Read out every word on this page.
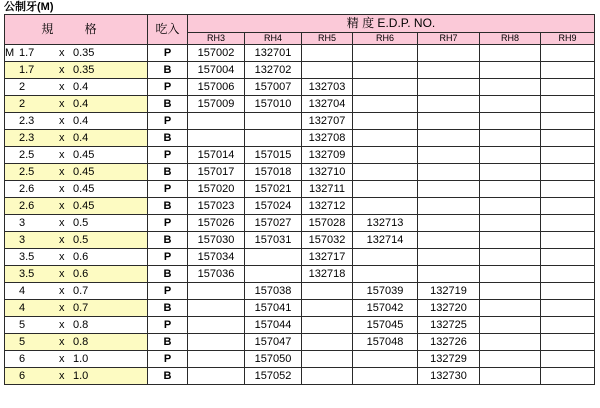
公制牙(M)
規 格	吃入	精 度 E.D.P. NO.						
		RH3	RH4	RH5	RH6	RH7	RH8	RH9
M 1.7 x 0.35	P	157002	132701					
1.7 x 0.35	B	157004	132702					
2 x 0.4	P	157006	157007	132703				
2 x 0.4	B	157009	157010	132704				
2.3 x 0.4	P			132707				
2.3 x 0.4	B			132708				
2.5 x 0.45	P	157014	157015	132709				
2.5 x 0.45	B	157017	157018	132710				
2.6 x 0.45	P	157020	157021	132711				
2.6 x 0.45	B	157023	157024	132712				
3 x 0.5	P	157026	157027	157028	132713			
3 x 0.5	B	157030	157031	157032	132714			
3.5 x 0.6	P	157034		132717				
3.5 x 0.6	B	157036		132718				
4 x 0.7	P		157038		157039	132719		
4 x 0.7	B		157041		157042	132720		
5 x 0.8	P		157044		157045	132725		
5 x 0.8	B		157047		157048	132726		
6 x 1.0	P		157050			132729		
6 x 1.0	B		157052			132730		
